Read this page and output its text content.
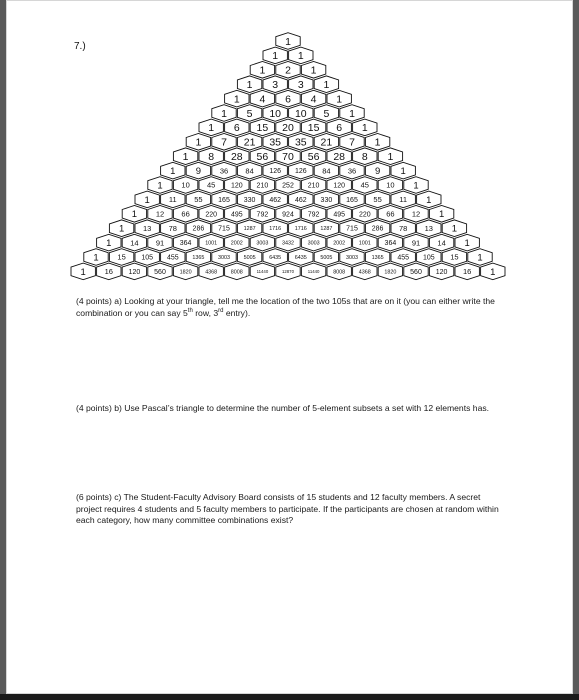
7.)	1
1 1
1 2 1
1 3 3 1
1 4 6 4 1
1 5 10 10 5 1
1 6 15 20 15 6 1
1 7 21 35 35 21 7 1
1 8 28 56 70 56 28 8 1
1 9	36 84 126 126 84 36 9 1
1	10 45 120 210 252 210 120 45 10 1
1	11 55 165 330 462 462 330 165 55 11 1
1	12 66 220 495 792 924 792 495 220 66 12 1
1	13 78 286 715	1287	1716	1716	1287 715 286 78 13 1
1	14 91 364	1001	2002	3003	3432	3003	2002	1001 364 91 14 1
1	15 105 455	1365	3003	5005	6435	6435	5005	3003	1365 455 105 15 1
1	16 120 560	1820	4368	8008	11440	12870	11440	8008	4368	1820 560 120 16 1

(4 points) a) Looking at your triangle, tell me the location of the two 105s that are on it (you can either write the combination or you can say 5th row, 3rd entry).

(4 points) b) Use Pascal’s triangle to determine the number of 5-element subsets a set with 12 elements has.

(6 points) c) The Student-Faculty Advisory Board consists of 15 students and 12 faculty members. A secret project requires 4 students and 5 faculty members to participate. If the participants are chosen at random within each category, how many committee combinations exist?
